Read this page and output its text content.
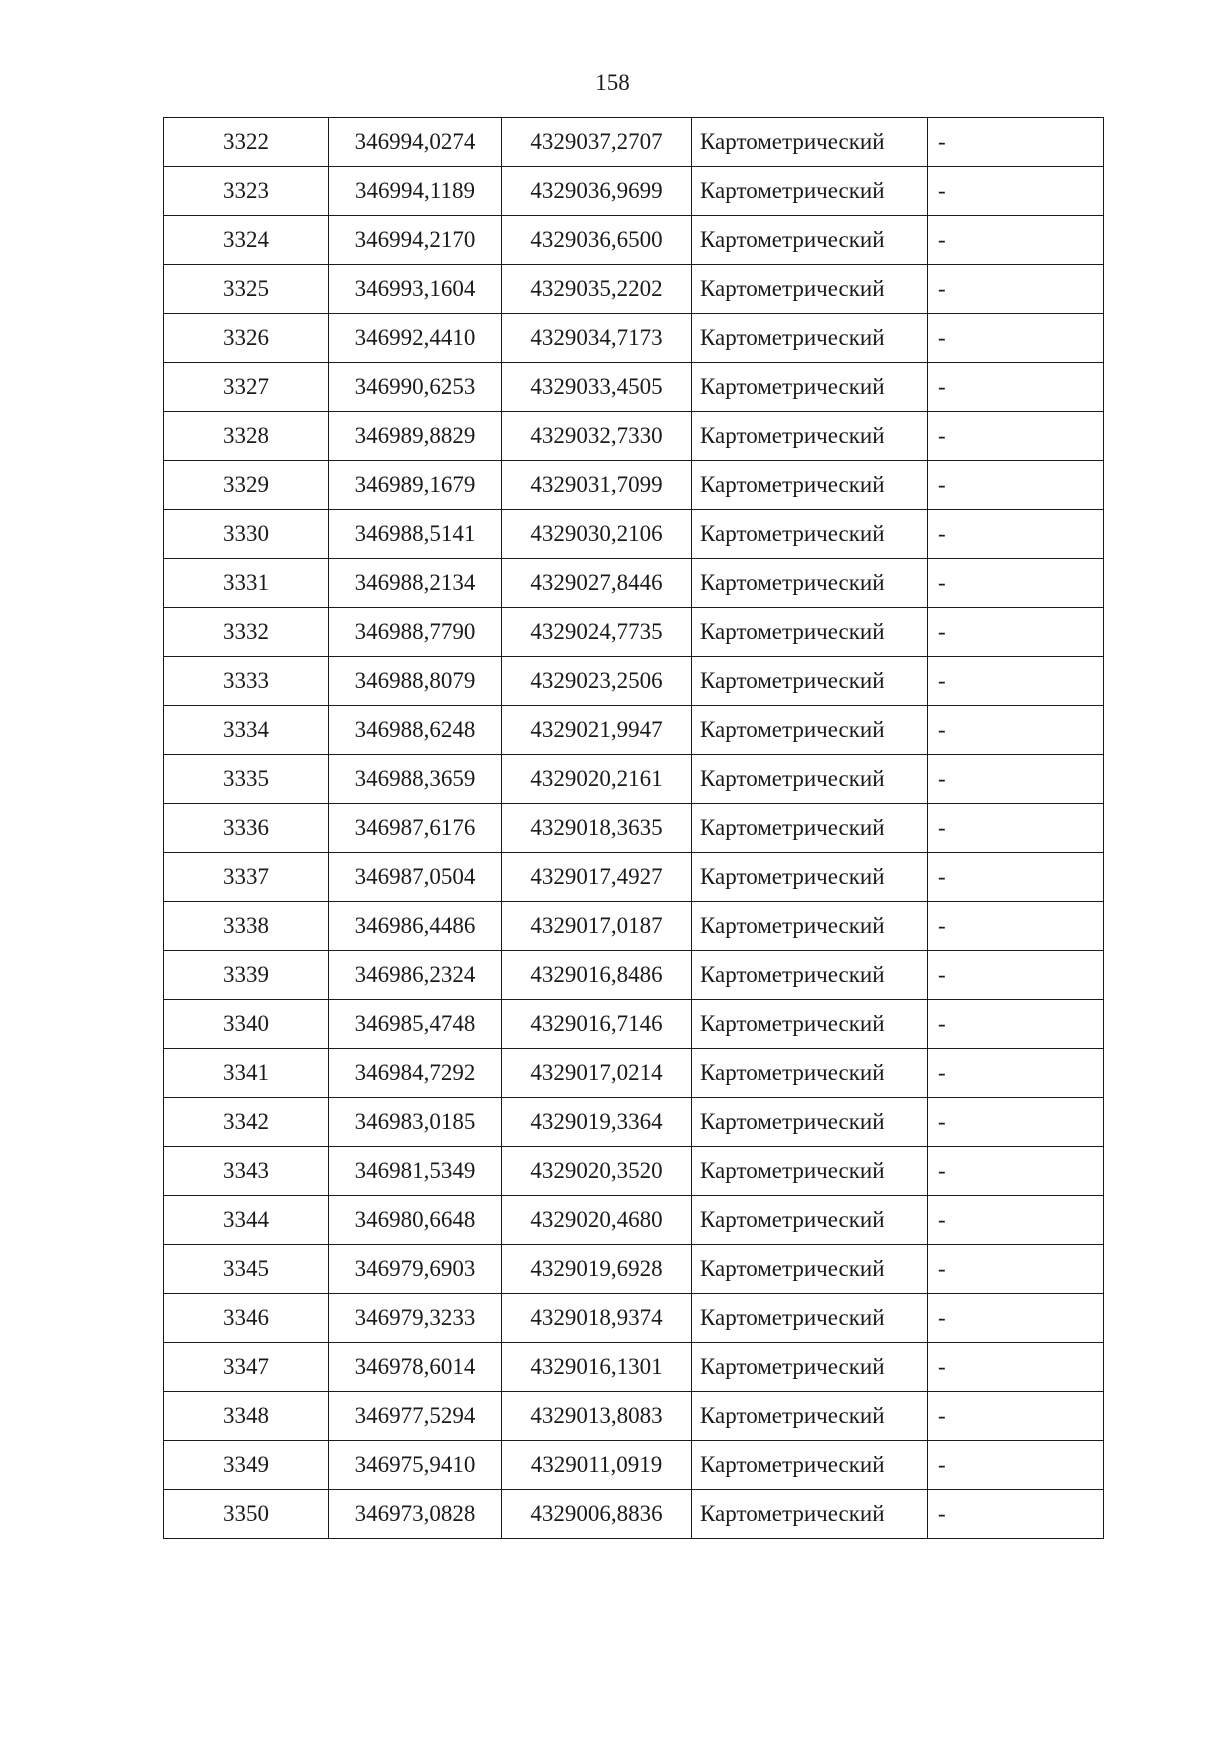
158
3322	346994,0274	4329037,2707	Картометрический	-
3323	346994,1189	4329036,9699	Картометрический	-
3324	346994,2170	4329036,6500	Картометрический	-
3325	346993,1604	4329035,2202	Картометрический	-
3326	346992,4410	4329034,7173	Картометрический	-
3327	346990,6253	4329033,4505	Картометрический	-
3328	346989,8829	4329032,7330	Картометрический	-
3329	346989,1679	4329031,7099	Картометрический	-
3330	346988,5141	4329030,2106	Картометрический	-
3331	346988,2134	4329027,8446	Картометрический	-
3332	346988,7790	4329024,7735	Картометрический	-
3333	346988,8079	4329023,2506	Картометрический	-
3334	346988,6248	4329021,9947	Картометрический	-
3335	346988,3659	4329020,2161	Картометрический	-
3336	346987,6176	4329018,3635	Картометрический	-
3337	346987,0504	4329017,4927	Картометрический	-
3338	346986,4486	4329017,0187	Картометрический	-
3339	346986,2324	4329016,8486	Картометрический	-
3340	346985,4748	4329016,7146	Картометрический	-
3341	346984,7292	4329017,0214	Картометрический	-
3342	346983,0185	4329019,3364	Картометрический	-
3343	346981,5349	4329020,3520	Картометрический	-
3344	346980,6648	4329020,4680	Картометрический	-
3345	346979,6903	4329019,6928	Картометрический	-
3346	346979,3233	4329018,9374	Картометрический	-
3347	346978,6014	4329016,1301	Картометрический	-
3348	346977,5294	4329013,8083	Картометрический	-
3349	346975,9410	4329011,0919	Картометрический	-
3350	346973,0828	4329006,8836	Картометрический	-
